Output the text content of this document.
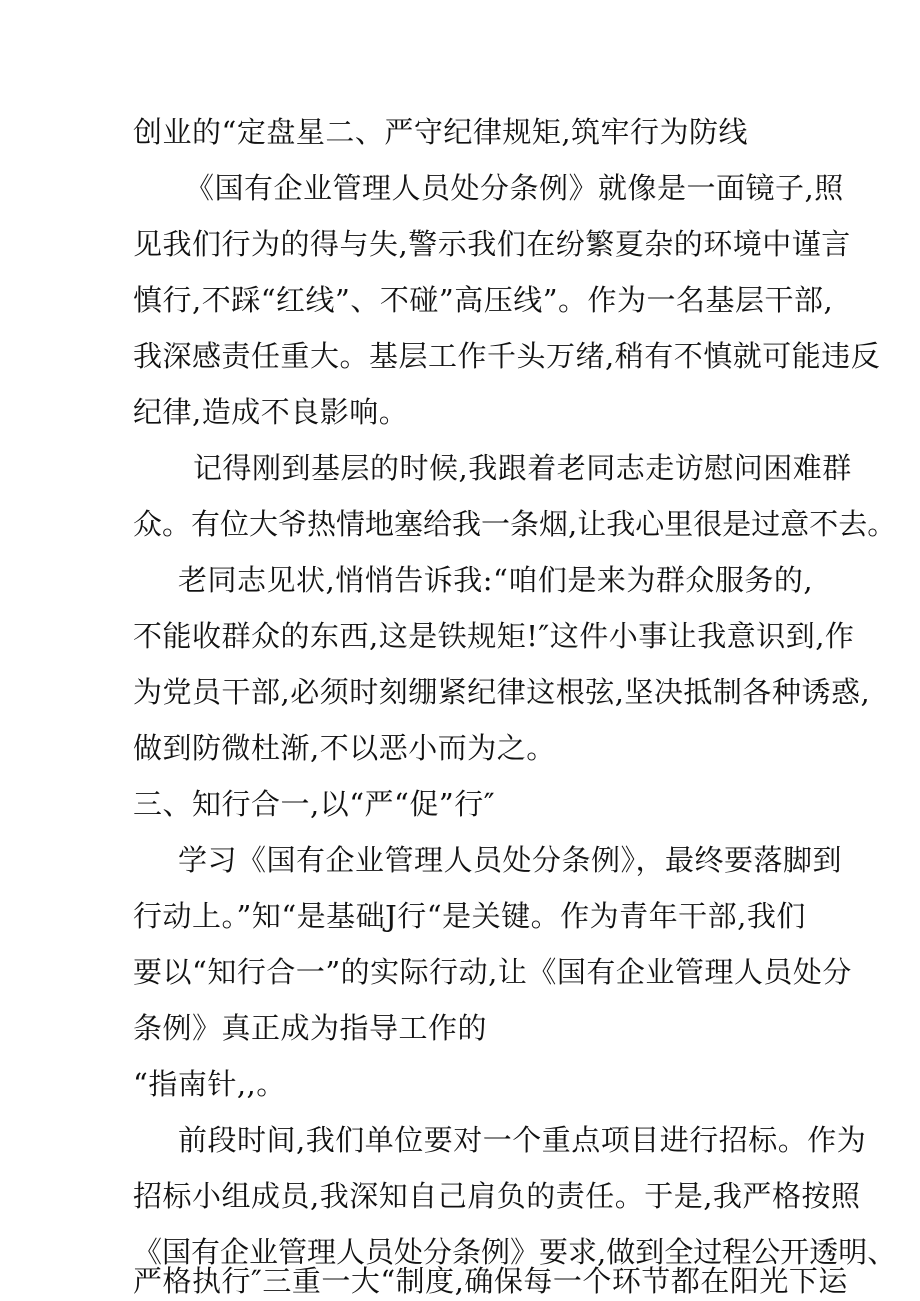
创业的“定盘星二、严守纪律规矩,筑牢行为防线
《国有企业管理人员处分条例》就像是一面镜子,照
见我们行为的得与失,警示我们在纷繁夏杂的环境中谨言
慎行,不踩“红线”、不碰”高压线”。作为一名基层干部,
我深感责任重大。基层工作千头万绪,稍有不慎就可能违反
纪律,造成不良影响。
记得刚到基层的时候,我跟着老同志走访慰问困难群
众。有位大爷热情地塞给我一条烟,让我心里很是过意不去。
老同志见状,悄悄告诉我:“咱们是来为群众服务的,
不能收群众的东西,这是铁规矩!″这件小事让我意识到,作
为党员干部,必须时刻绷紧纪律这根弦,坚决抵制各种诱惑,
做到防微杜渐,不以恶小而为之。
三、知行合一,以“严“促”行″
学习《国有企业管理人员处分条例》，最终要落脚到
行动上。”知“是基础J行“是关键。作为青年干部,我们
要以“知行合一”的实际行动,让《国有企业管理人员处分
条例》真正成为指导工作的
“指南针,,。
前段时间,我们单位要对一个重点项目进行招标。作为
招标小组成员,我深知自己肩负的责任。于是,我严格按照
《国有企业管理人员处分条例》要求,做到全过程公开透明、
严格执行″三重一大“制度,确保每一个环节都在阳光下运
